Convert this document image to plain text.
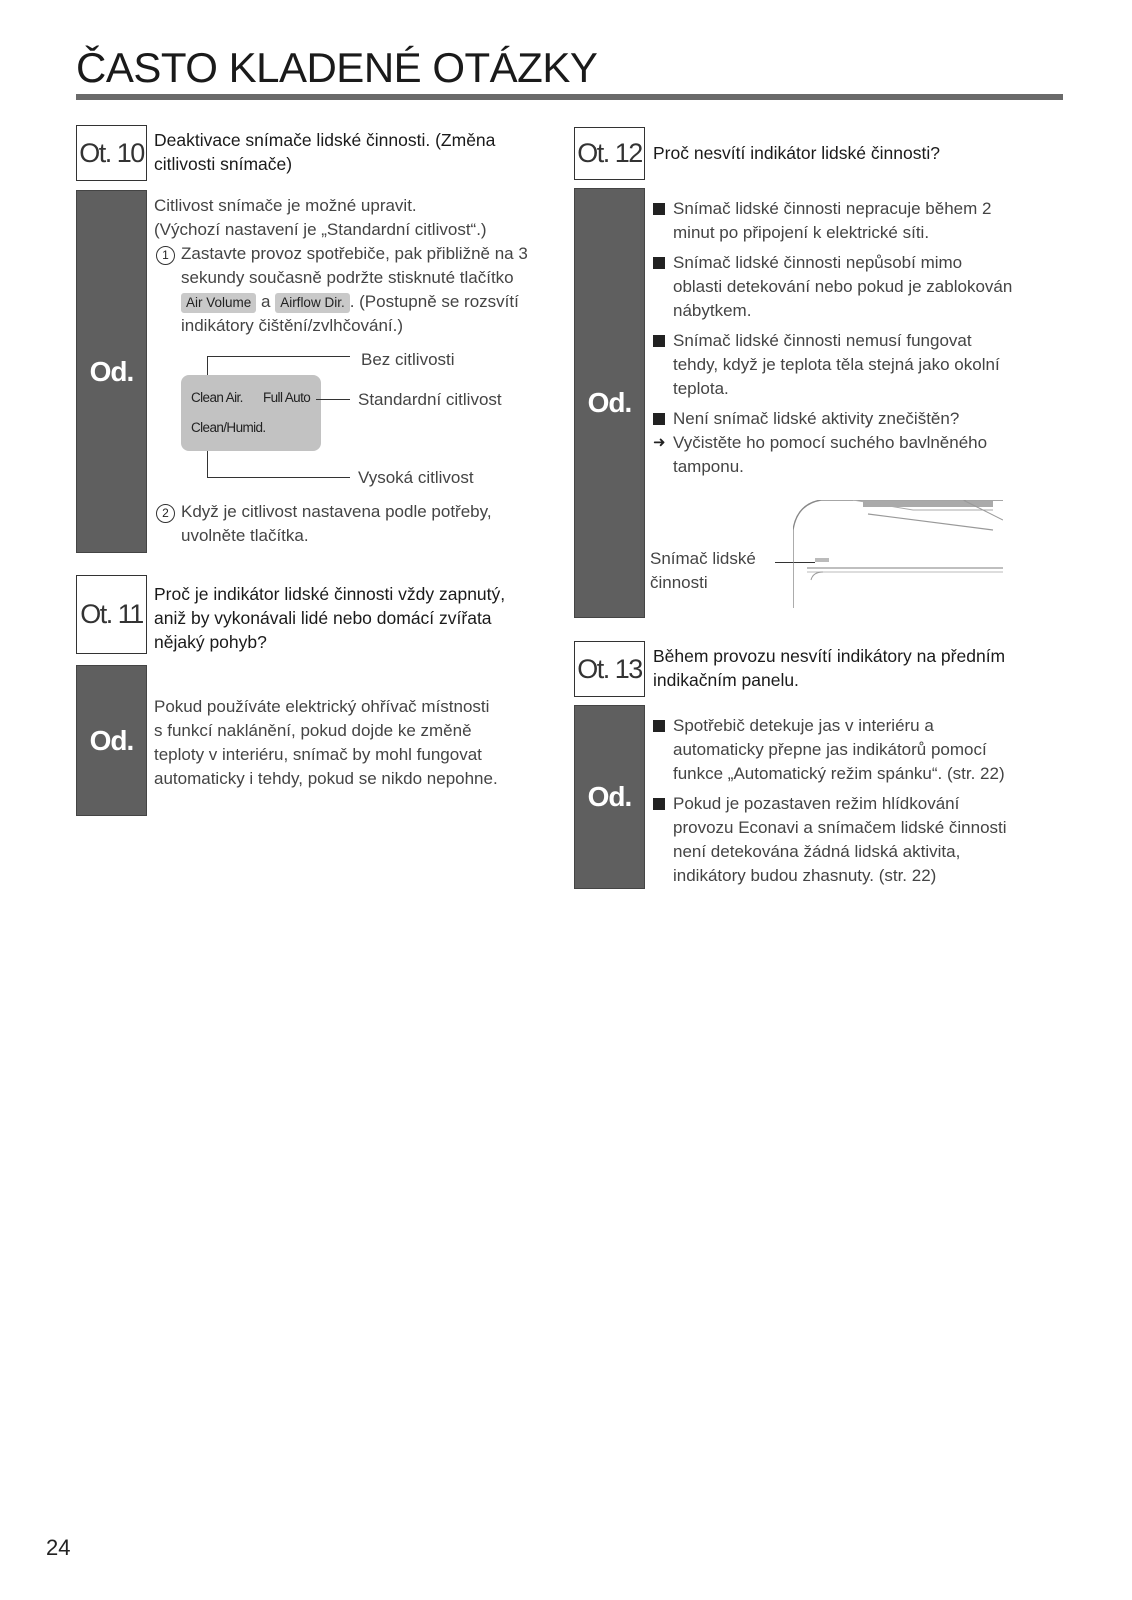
ČASTO KLADENÉ OTÁZKY
Ot. 10 Deaktivace snímače lidské činnosti. (Změna
citlivosti snímače)
Od.
Citlivost snímače je možné upravit.
(Výchozí nastavení je „Standardní citlivost“.)
1 Zastavte provoz spotřebiče, pak přibližně na 3
sekundy současně podržte stisknuté tlačítko
Air Volume a Airflow Dir. . (Postupně se rozsvítí
indikátory čištění/zvlhčování.)
Bez citlivosti
Clean Air. Full Auto
Clean/Humid.
Standardní citlivost
Vysoká citlivost
2 Když je citlivost nastavena podle potřeby,
uvolněte tlačítka.
Ot. 11
Proč je indikátor lidské činnosti vždy zapnutý,
aniž by vykonávali lidé nebo domácí zvířata
nějaký pohyb?
Od.
Pokud používáte elektrický ohřívač místnosti
s funkcí naklánění, pokud dojde ke změně
teploty v interiéru, snímač by mohl fungovat
automaticky i tehdy, pokud se nikdo nepohne.
Ot. 12 Proč nesvítí indikátor lidské činnosti?
Od.
Snímač lidské činnosti nepracuje během 2
minut po připojení k elektrické síti.
Snímač lidské činnosti nepůsobí mimo
oblasti detekování nebo pokud je zablokován
nábytkem.
Snímač lidské činnosti nemusí fungovat
tehdy, když je teplota těla stejná jako okolní
teplota.
Není snímač lidské aktivity znečištěn?
➜ Vyčistěte ho pomocí suchého bavlněného
tamponu.
Snímač lidské
činnosti
Ot. 13 Během provozu nesvítí indikátory na předním
indikačním panelu.
Od.
Spotřebič detekuje jas v interiéru a
automaticky přepne jas indikátorů pomocí
funkce „Automatický režim spánku“. (str. 22)
Pokud je pozastaven režim hlídkování
provozu Econavi a snímačem lidské činnosti
není detekována žádná lidská aktivita,
indikátory budou zhasnuty. (str. 22)
24
